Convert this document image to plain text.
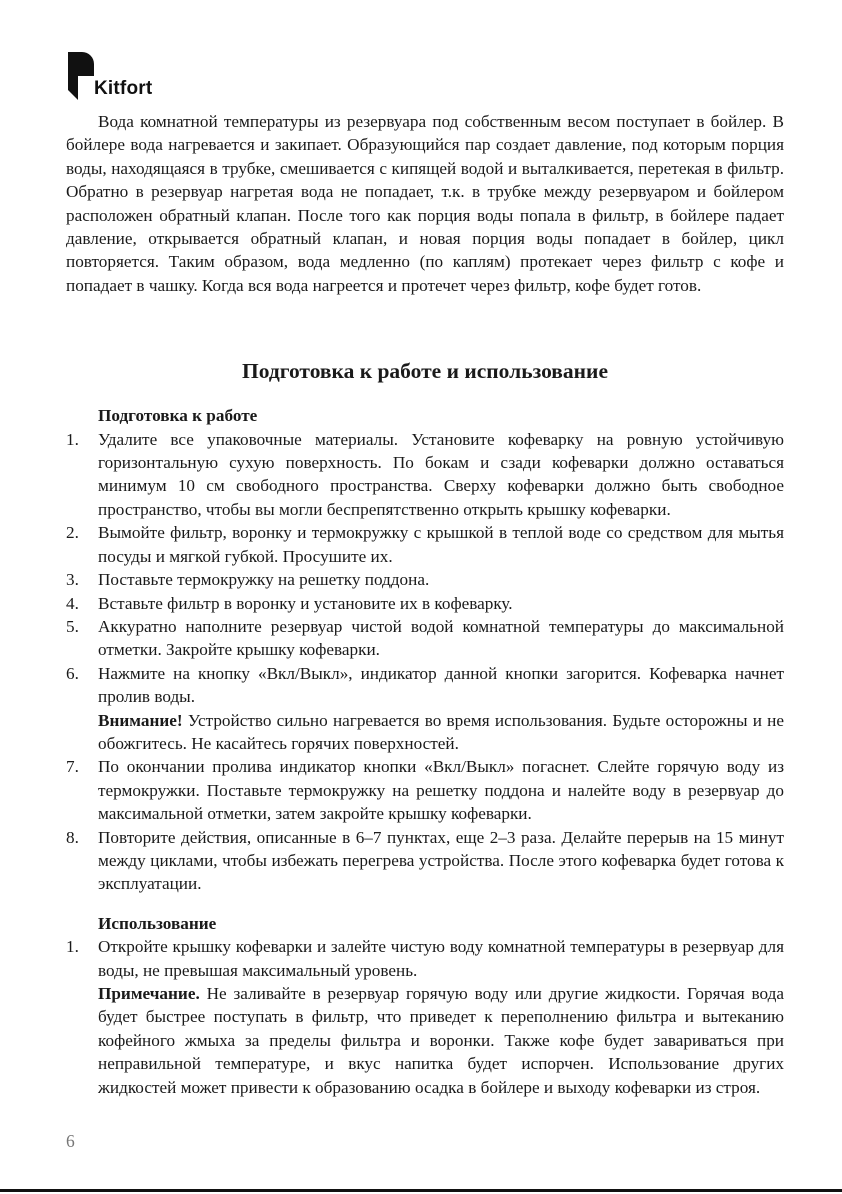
Kitfort

Вода комнатной температуры из резервуара под собственным весом поступает в бойлер. В бойлере вода нагревается и закипает. Образующийся пар создает давление, под которым порция воды, находящаяся в трубке, смешивается с кипящей водой и выталкивается, перетекая в фильтр. Обратно в резервуар нагретая вода не попадает, т.к. в трубке между резервуаром и бойлером расположен обратный клапан. После того как порция воды попала в фильтр, в бойлере падает давление, открывается обратный клапан, и новая порция воды попадает в бойлер, цикл повторяется. Таким образом, вода медленно (по каплям) протекает через фильтр с кофе и попадает в чашку. Когда вся вода нагреется и протечет через фильтр, кофе будет готов.

Подготовка к работе и использование
Подготовка к работе
1. Удалите все упаковочные материалы. Установите кофеварку на ровную устойчивую горизонтальную сухую поверхность. По бокам и сзади кофеварки должно оставаться минимум 10 см свободного пространства. Сверху кофеварки должно быть свободное пространство, чтобы вы могли беспрепятственно открыть крышку кофеварки.

2. Вымойте фильтр, воронку и термокружку с крышкой в теплой воде со средством для мытья посуды и мягкой губкой. Просушите их.

3. Поставьте термокружку на решетку поддона.

4. Вставьте фильтр в воронку и установите их в кофеварку.

5. Аккуратно наполните резервуар чистой водой комнатной температуры до максимальной отметки. Закройте крышку кофеварки.

6. Нажмите на кнопку «Вкл/Выкл», индикатор данной кнопки загорится. Кофеварка начнет пролив воды.

Внимание! Устройство сильно нагревается во время использования. Будьте осторожны и не обожгитесь. Не касайтесь горячих поверхностей.

7. По окончании пролива индикатор кнопки «Вкл/Выкл» погаснет. Слейте горячую воду из термокружки. Поставьте термокружку на решетку поддона и налейте воду в резервуар до максимальной отметки, затем закройте крышку кофеварки.

8. Повторите действия, описанные в 6–7 пунктах, еще 2–3 раза. Делайте перерыв на 15 минут между циклами, чтобы избежать перегрева устройства. После этого кофеварка будет готова к эксплуатации.

Использование
1. Откройте крышку кофеварки и залейте чистую воду комнатной температуры в резервуар для воды, не превышая максимальный уровень.

Примечание. Не заливайте в резервуар горячую воду или другие жидкости. Горячая вода будет быстрее поступать в фильтр, что приведет к переполнению фильтра и вытеканию кофейного жмыха за пределы фильтра и воронки. Также кофе будет завариваться при неправильной температуре, и вкус напитка будет испорчен. Использование других жидкостей может привести к образованию осадка в бойлере и выходу кофеварки из строя.

6
